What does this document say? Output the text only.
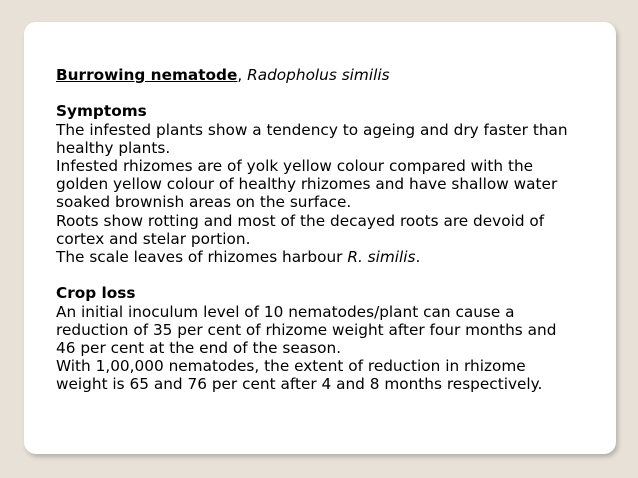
Burrowing nematode, Radopholus similis

Symptoms

The infested plants show a tendency to ageing and dry faster than

healthy plants.

Infested rhizomes are of yolk yellow colour compared with the

golden yellow colour of healthy rhizomes and have shallow water

soaked brownish areas on the surface.

Roots show rotting and most of the decayed roots are devoid of

cortex and stelar portion.

The scale leaves of rhizomes harbour R. similis.

Crop loss

An initial inoculum level of 10 nematodes/plant can cause a

reduction of 35 per cent of rhizome weight after four months and

46 per cent at the end of the season.

With 1,00,000 nematodes, the extent of reduction in rhizome

weight is 65 and 76 per cent after 4 and 8 months respectively.
